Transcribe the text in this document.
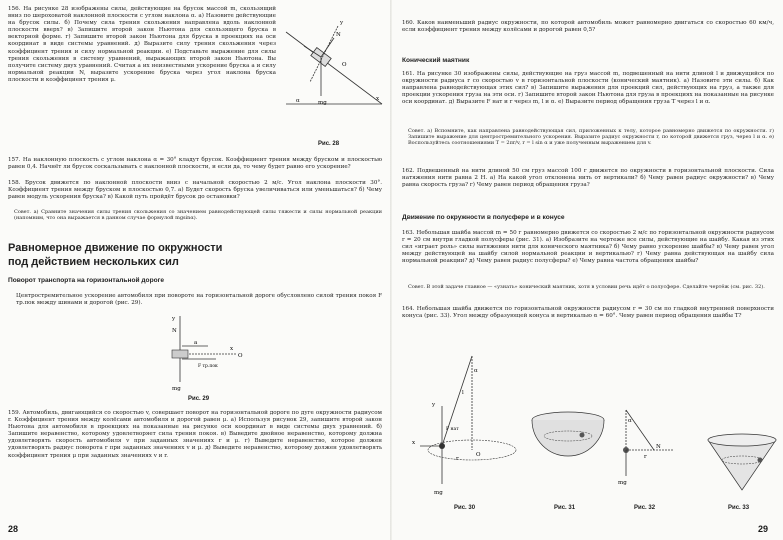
156. На рисунке 28 изображены силы, действующие на брусок массой m, скользящий вниз по шероховатой наклонной плоскости с углом наклона α. а) Назовите действующие на брусок силы. б) Почему сила трения скольжения направлена вдоль наклонной плоскости вверх? в) Запишите второй закон Ньютона для скользящего бруска в векторной форме. г) Запишите второй закон Ньютона для бруска в проекциях на оси координат в виде системы уравнений. д) Выразите силу трения скольжения через коэффициент трения и силу нормальной реакции. е) Подставьте выражение для силы трения скольжения в систему уравнений, выражающих второй закон Ньютона. Вы получите систему двух уравнений. Считая а их неизвестными ускорение бруска a и силу нормальной реакции N, выразите ускорение бруска через угол наклона бруска плоскости и коэффициент трения μ.
mg
N
y
x
α
O
Рис. 28
157. На наклонную плоскость с углом наклона α = 30° кладут брусок. Коэффициент трения между бруском и плоскостью равен 0,4. Начнёт ли брусок соскальзывать с наклонной плоскости, и если да, то чему будет равно его ускорение?
158. Брусок движется по наклонной плоскости вниз с начальной скоростью 2 м/с. Угол наклона плоскости 30°. Коэффициент трения между бруском и плоскостью 0,7. а) Будет скорость бруска увеличиваться или уменьшаться? б) Чему равен модуль ускорения бруска? в) Какой путь пройдёт брусок до остановки?
Совет. а) Сравните значения силы трения скольжения со значением равнодействующей силы тяжести и силы нормальной реакции (напомним, что она выражается в данном случае формулой mgsinα).
Равномерное движение по окружности
под действием нескольких сил
Поворот транспорта на горизонтальной дороге
Центростремительное ускорение автомобиля при повороте на горизонтальной дороге обусловлено силой трения покоя F тр.пок между шинами и дорогой (рис. 29).
y
N
a
F тр.пок
O
x
mg
Рис. 29
159. Автомобиль, двигающийся со скоростью v, совершает поворот на горизонтальной дороге по дуге окружности радиусом r. Коэффициент трения между колёсами автомобиля и дорогой равен μ. а) Используя рисунок 29, запишите второй закон Ньютона для автомобиля в проекциях на показанные на рисунке оси координат в виде системы двух уравнений. б) Запишите неравенство, которому удовлетворяет сила трения покоя. в) Выведите двойное неравенство, которому должна удовлетворять скорость автомобиля v при заданных значениях r и μ. г) Выведите неравенство, которое должен удовлетворять радиус поворота r при заданных значениях v и μ. д) Выведите неравенство, которому должен удовлетворять коэффициент трения μ при заданных значениях v и r.
28
160. Каков наименьший радиус окружности, по которой автомобиль может равномерно двигаться со скоростью 60 км/ч, если коэффициент трения между колёсами и дорогой равен 0,5?
Конический маятник
161. На рисунке 30 изображены силы, действующие на груз массой m, подвешенный на нити длиной l и движущийся по окружности радиуса r со скоростью v в горизонтальной плоскости (конический маятник). а) Назовите эти силы. б) Как направлена равнодействующая этих сил? в) Запишите выражения для проекций сил, действующих на груз, а также для проекции ускорения груза на эти оси. г) Запишите второй закон Ньютона для груза в проекциях на показанные на рисунке оси координат. д) Выразите F нат и r через m, l и α. е) Выразите период обращения груза T через l и α.
Совет. а) Вспомните, как направлена равнодействующая сил, приложенных к телу, которое равномерно движется по окружности. г) Запишите выражение для центростремительного ускорения. Выразите радиус окружности r, по которой движется груз, через l и α. е) Воспользуйтесь соотношениями T = 2πr/v, r = l sin α и уже полученным выражением для v.
162. Подвешенный на нити длиной 50 см груз массой 100 г движется по окружности в горизонтальной плоскости. Сила натяжения нити равна 2 Н. а) На какой угол отклонена нить от вертикали? б) Чему равен радиус окружности? в) Чему равна скорость груза? г) Чему равен период обращения груза?
Движение по окружности в полусфере и в конусе
163. Небольшая шайба массой m = 50 г равномерно движется со скоростью 2 м/с по горизонтальной окружности радиусом r = 20 см внутри гладкой полусферы (рис. 31). а) Изобразите на чертеже все силы, действующие на шайбу. Какая из этих сил «играет роль» силы натяжения нити для конического маятника? б) Чему равно ускорение шайбы? в) Чему равен угол между действующей на шайбу силой нормальной реакции и вертикалью? г) Чему равна действующая на шайбу сила нормальной реакции? д) Чему равен радиус полусферы? е) Чему равна частота обращения шайбы?
Совет. В этой задаче главное — «узнать» конический маятник, хотя в условии речь идёт о полусфере. Сделайте чертёж (см. рис. 32).
164. Небольшая шайба движется по горизонтальной окружности радиусом r = 30 см по гладкой внутренней поверхности конуса (рис. 33). Угол между образующей конуса и вертикалью α = 60°. Чему равен период обращения шайбы T?
y
x
l
α
F нат
r
O
mg
Рис. 30	Рис. 31
N
α
r
mg
Рис. 32	Рис. 33
29
